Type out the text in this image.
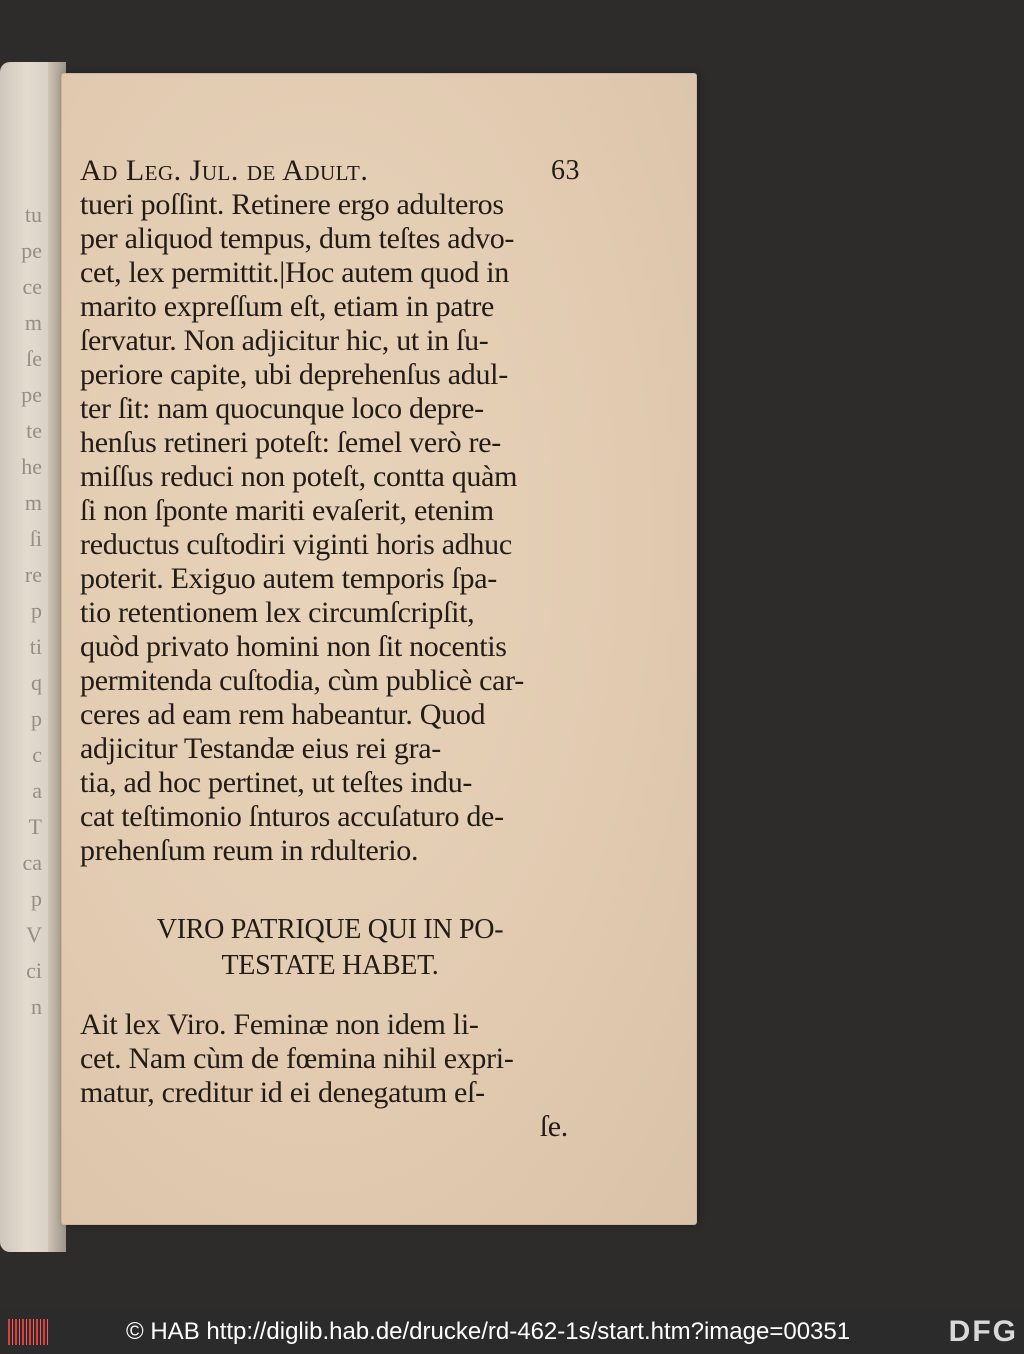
tu
pe
ce
m
ſe
pe
te
he
m
ſi
re
p
ti
q
p
c
a
T
ca
p
V
ci
n
Ad Leg. Jul. de Adult.	63
tueri poſſint. Retinere ergo adulteros
per aliquod tempus, dum teſtes advo-
cet, lex permittit.|Hoc autem quod in
marito expreſſum eſt, etiam in patre
ſervatur. Non adjicitur hic, ut in ſu-
periore capite, ubi deprehenſus adul-
ter ſit: nam quocunque loco depre-
henſus retineri poteſt: ſemel verò re-
miſſus reduci non poteſt, contta quàm
ſi non ſponte mariti evaſerit, etenim
reductus cuſtodiri viginti horis adhuc
poterit. Exiguo autem temporis ſpa-
tio retentionem lex circumſcripſit,
quòd privato homini non ſit nocentis
permitenda cuſtodia, cùm publicè car-
ceres ad eam rem habeantur. Quod
adjicitur Testandæ eius rei gra-
tia, ad hoc pertinet, ut teſtes indu-
cat teſtimonio ſnturos accuſaturo de-
prehenſum reum in rdulterio.
VIRO PATRIQUE QUI IN PO-
TESTATE HABET.
Ait lex Viro. Feminæ non idem li-
cet. Nam cùm de fœmina nihil expri-
matur, creditur id ei denegatum eſ-
ſe.
© HAB http://diglib.hab.de/drucke/rd-462-1s/start.htm?image=00351	DFG
